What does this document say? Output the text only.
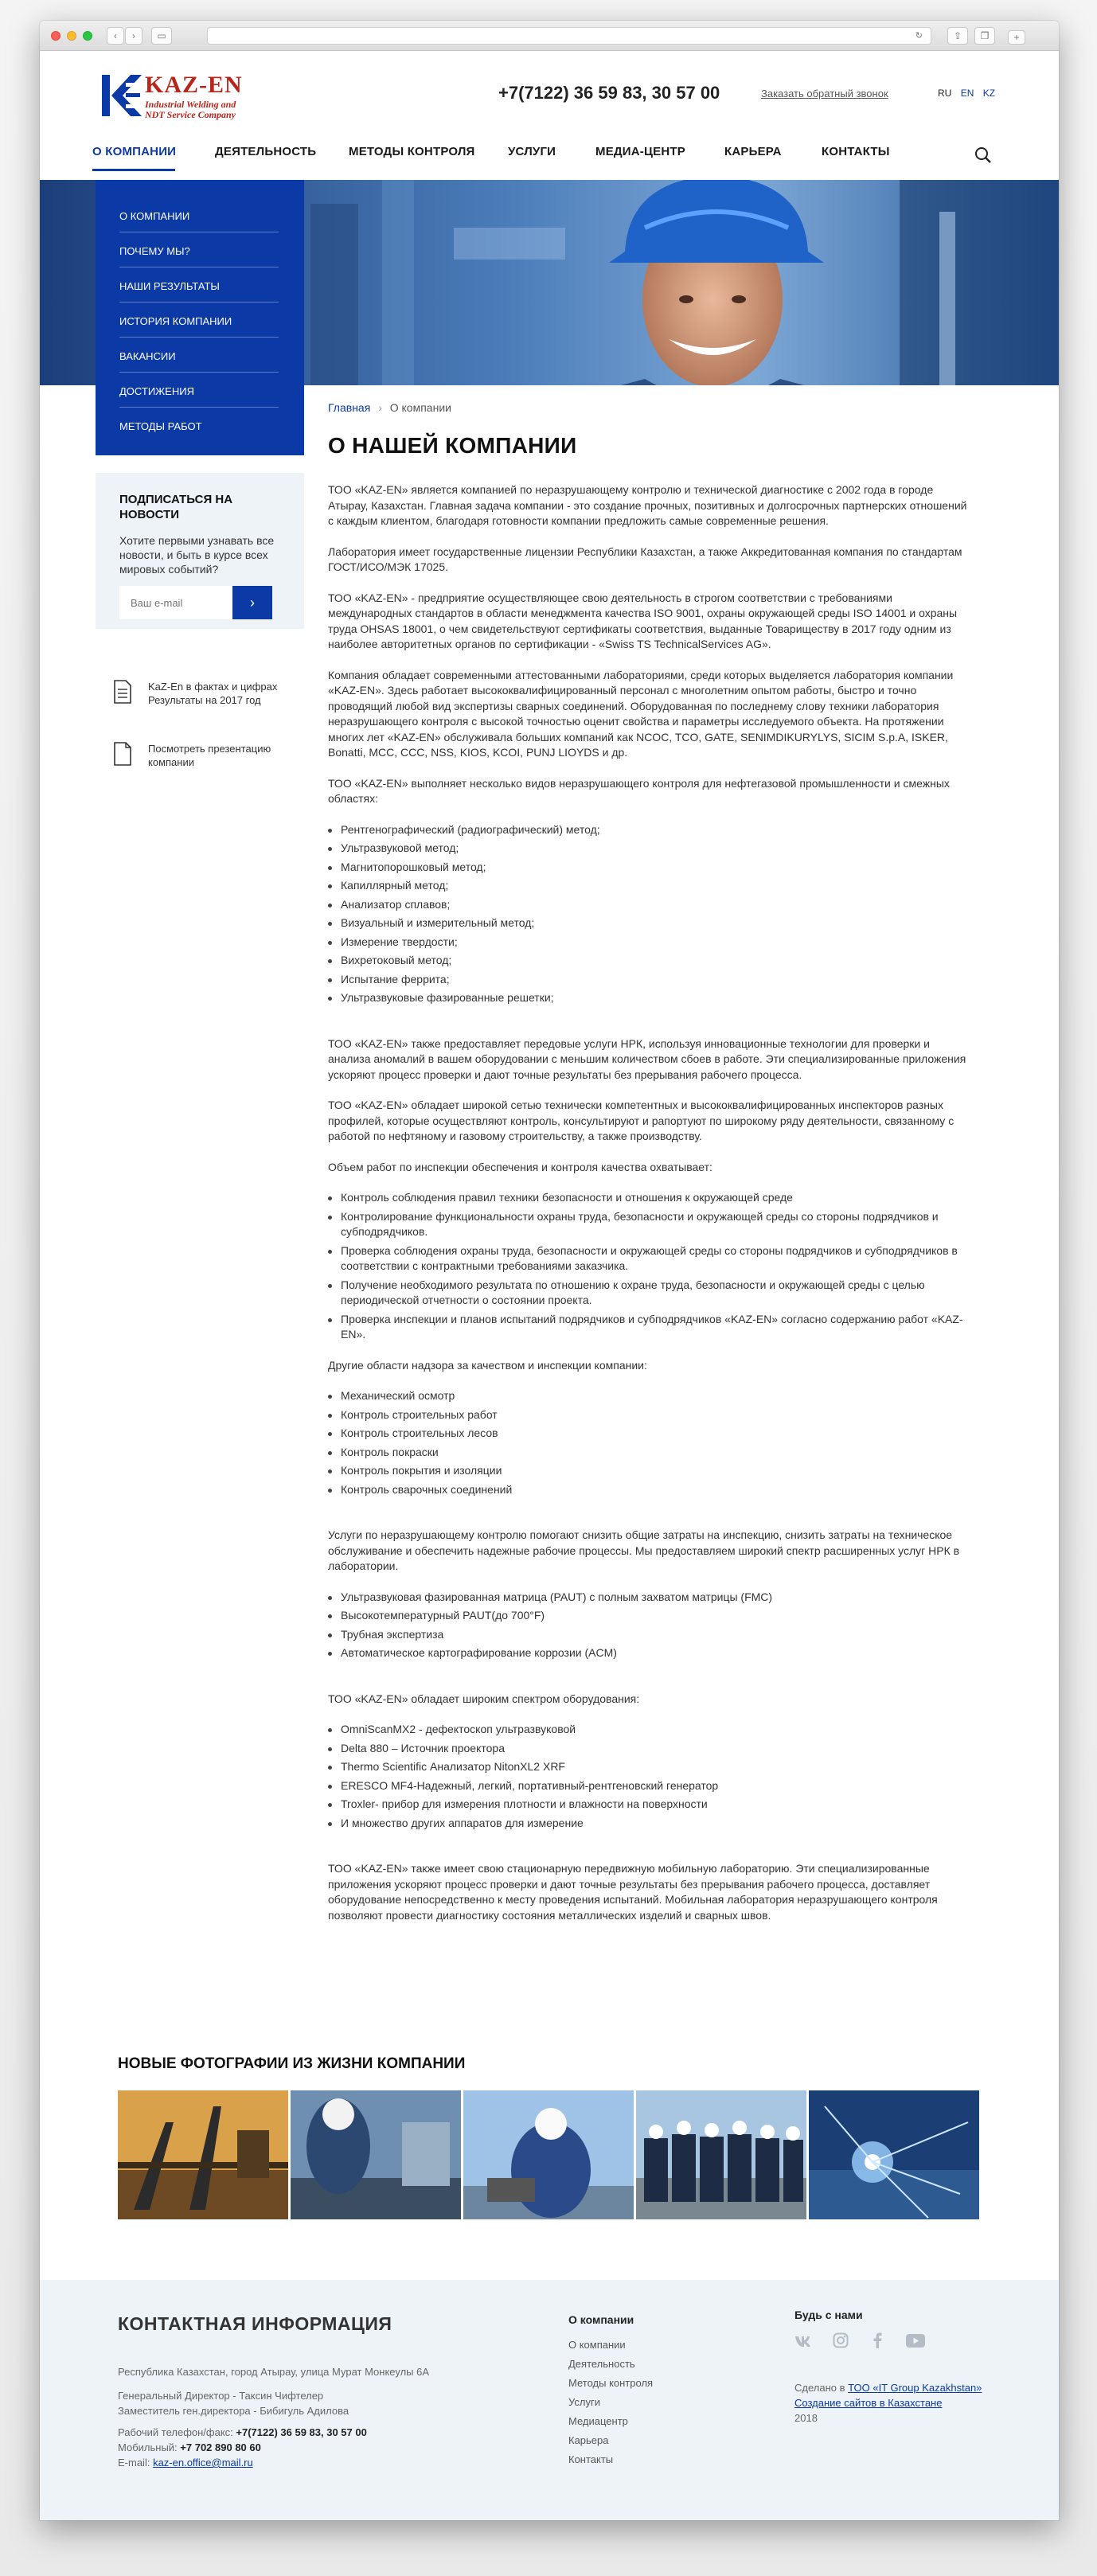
‹	›	▭	↻	⇪	❐	+
KAZ-EN
Industrial Welding and
NDT Service Company
+7(7122) 36 59 83, 30 57 00	Заказать обратный звонок	RU EN KZ
О КОМПАНИИ	ДЕЯТЕЛЬНОСТЬ	МЕТОДЫ КОНТРОЛЯ	УСЛУГИ	МЕДИА-ЦЕНТР	КАРЬЕРА	КОНТАКТЫ
О КОМПАНИИ
ПОЧЕМУ МЫ?
НАШИ РЕЗУЛЬТАТЫ
ИСТОРИЯ КОМПАНИИ
ВАКАНСИИ
ДОСТИЖЕНИЯ
МЕТОДЫ РАБОТ
ПОДПИСАТЬСЯ НА НОВОСТИ

Хотите первыми узнавать все новости, и быть в курсе всех мировых событий?

Ваш e-mail
›
KaZ-En в фактах и цифрах
Результаты на 2017 год
Посмотреть презентацию
компании
Главная › О компании
О НАШЕЙ КОМПАНИИ

ТОО «KAZ-EN» является компанией по неразрушающему контролю и технической диагностике с 2002 года в городе Атырау, Казахстан. Главная задача компании - это создание прочных, позитивных и долгосрочных партнерских отношений с каждым клиентом, благодаря готовности компании предложить самые современные решения.

Лаборатория имеет государственные лицензии Республики Казахстан, а также Аккредитованная компания по стандартам ГОСТ/ИСО/МЭК 17025.

ТОО «KAZ-EN» - предприятие осуществляющее свою деятельность в строгом соответствии с требованиями международных стандартов в области менеджмента качества ISO 9001, охраны окружающей среды ISO 14001 и охраны труда OHSAS 18001, о чем свидетельствуют сертификаты соответствия, выданные Товариществу в 2017 году одним из наиболее авторитетных органов по сертификации - «Swiss TS TechnicalServices AG».

Компания обладает современными аттестованными лабораториями, среди которых выделяется лаборатория компании «KAZ-EN». Здесь работает высококвалифицированный персонал с многолетним опытом работы, быстро и точно проводящий любой вид экспертизы сварных соединений. Оборудованная по последнему слову техники лаборатория неразрушающего контроля с высокой точностью оценит свойства и параметры исследуемого объекта. На протяжении многих лет «KAZ-EN» обслуживала больших компаний как NCOC, TCO, GATE, SENIMDIKURYLYS, SICIM S.p.A, ISKER, Bonatti, MCC, CCC, NSS, KIOS, KCOI, PUNJ LIOYDS и др.

ТОО «KAZ-EN» выполняет несколько видов неразрушающего контроля для нефтегазовой промышленности и смежных областях:

Рентгенографический (радиографический) метод;
Ультразвуковой метод;
Магнитопорошковый метод;
Капиллярный метод;
Анализатор сплавов;
Визуальный и измерительный метод;
Измерение твердости;
Вихретоковый метод;
Испытание феррита;
Ультразвуковые фазированные решетки;

ТОО «KAZ-EN» также предоставляет передовые услуги НРК, используя инновационные технологии для проверки и анализа аномалий в вашем оборудовании с меньшим количеством сбоев в работе. Эти специализированные приложения ускоряют процесс проверки и дают точные результаты без прерывания рабочего процесса.

ТОО «KAZ-EN» обладает широкой сетью технически компетентных и высококвалифицированных инспекторов разных профилей, которые осуществляют контроль, консультируют и рапортуют по широкому ряду деятельности, связанному с работой по нефтяному и газовому строительству, а также производству.

Объем работ по инспекции обеспечения и контроля качества охватывает:

Контроль соблюдения правил техники безопасности и отношения к окружающей среде
Контролирование функциональности охраны труда, безопасности и окружающей среды со стороны подрядчиков и субподрядчиков.
Проверка соблюдения охраны труда, безопасности и окружающей среды со стороны подрядчиков и субподрядчиков в соответствии с контрактными требованиями заказчика.
Получение необходимого результата по отношению к охране труда, безопасности и окружающей среды с целью периодической отчетности о состоянии проекта.
Проверка инспекции и планов испытаний подрядчиков и субподрядчиков «KAZ-EN» согласно содержанию работ «KAZ-EN».

Другие области надзора за качеством и инспекции компании:

Механический осмотр
Контроль строительных работ
Контроль строительных лесов
Контроль покраски
Контроль покрытия и изоляции
Контроль сварочных соединений

Услуги по неразрушающему контролю помогают снизить общие затраты на инспекцию, снизить затраты на техническое обслуживание и обеспечить надежные рабочие процессы. Мы предоставляем широкий спектр расширенных услуг НРК в лаборатории.

Ультразвуковая фазированная матрица (PAUT) с полным захватом матрицы (FMC)
Высокотемпературный PAUT(до 700°F)
Трубная экспертиза
Автоматическое картографирование коррозии (ACM)

ТОО «KAZ-EN» обладает широким спектром оборудования:

OmniScanMX2 - дефектоскоп ультразвуковой
Delta 880 – Источник проектора
Thermo Scientific Анализатор NitonXL2 XRF
ERESCO MF4-Надежный, легкий, портативный-рентгеновский генератор
Troxler- прибор для измерения плотности и влажности на поверхности
И множество других аппаратов для измерение

ТОО «KAZ-EN» также имеет свою стационарную передвижную мобильную лабораторию. Эти специализированные приложения ускоряют процесс проверки и дают точные результаты без прерывания рабочего процесса, доставляет оборудование непосредственно к месту проведения испытаний. Мобильная лаборатория неразрушающего контроля позволяют провести диагностику состояния металлических изделий и сварных швов.

НОВЫЕ ФОТОГРАФИИ ИЗ ЖИЗНИ КОМПАНИИ
КОНТАКТНАЯ ИНФОРМАЦИЯ
Республика Казахстан, город Атырау, улица Мурат Монкеулы 6А
Генеральный Директор - Таксин Чифтелер
Заместитель ген.директора - Бибигуль Адилова
Рабочий телефон/факс: +7(7122) 36 59 83, 30 57 00
Мобильный: +7 702 890 80 60
E-mail: kaz-en.office@mail.ru
О компании
О компании
Деятельность
Методы контроля
Услуги
Медиацентр
Карьера
Контакты
Будь с нами
Сделано в ТОО «IT Group Kazakhstan»
Создание сайтов в Казахстане
2018
